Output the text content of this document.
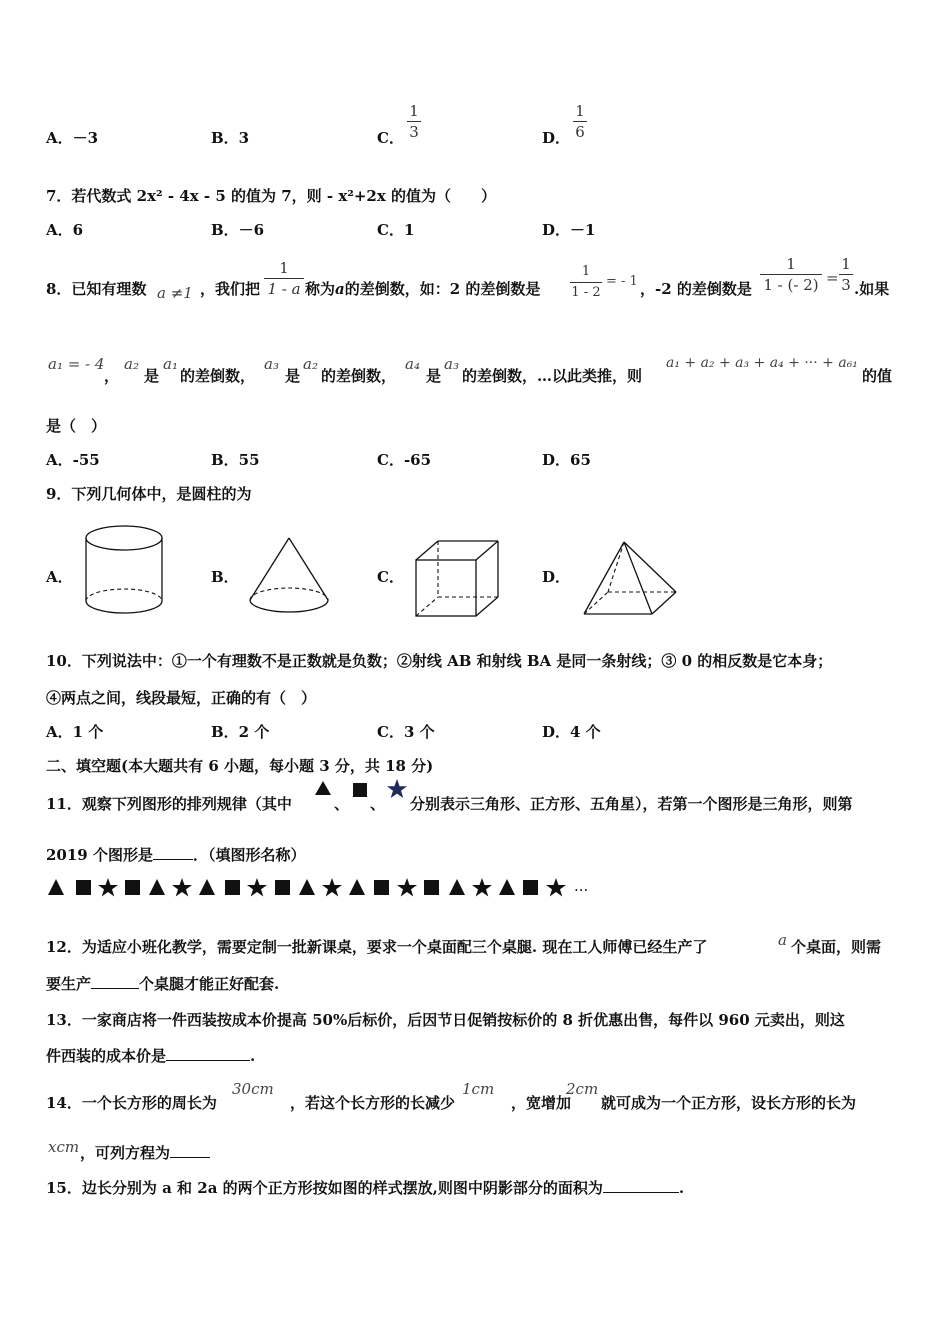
A．－3	B．3	C．
1
3	D．
1
6
7．若代数式 2x² - 4x - 5 的值为 7，则 - x²+2x 的值为（　　）
A．6	B．－6	C．1	D．－1
8．已知有理数 a ≠1 ，我们把
1
1 - a 称为a的差倒数，如：2 的差倒数是
1
1 - 2
= - 1 ，-2 的差倒数是
1
1 - (- 2) =
1
3 .如果
a₁ = - 4
，
a₂
是
a₁
的差倒数，
a₃
是
a₂
的差倒数，
a₄
是
a₃
的差倒数，…以此类推，则
a₁ + a₂ + a₃ + a₄ + ··· + a₆₁
的值
是（　）
A．-55	B．55	C．-65	D．65
9．下列几何体中，是圆柱的为
A．	B．	C．	D．
10．下列说法中：①一个有理数不是正数就是负数；②射线 AB 和射线 BA 是同一条射线；③ 0 的相反数是它本身；
④两点之间，线段最短，正确的有（　）
A．1 个	B．2 个	C．3 个	D．4 个
二、填空题(本大题共有 6 小题，每小题 3 分，共 18 分)
11．观察下列图形的排列规律（其中	、 、 分别表示三角形、正方形、五角星），若第一个图形是三角形，则第
2019 个图形是	．（填图形名称）
···
12．为适应小班化教学，需要定制一批新课桌，要求一个桌面配三个桌腿. 现在工人师傅已经生产了	a 个桌面，则需
要生产	个桌腿才能正好配套.
13．一家商店将一件西装按成本价提高 50%后标价，后因节日促销按标价的 8 折优惠出售，每件以 960 元卖出，则这
件西装的成本价是	.
14．一个长方形的周长为
30cm
，若这个长方形的长减少
1cm
，宽增加
2cm
就可成为一个正方形，设长方形的长为
xcm ，可列方程为
15．边长分别为 a 和 2a 的两个正方形按如图的样式摆放,则图中阴影部分的面积为	.
